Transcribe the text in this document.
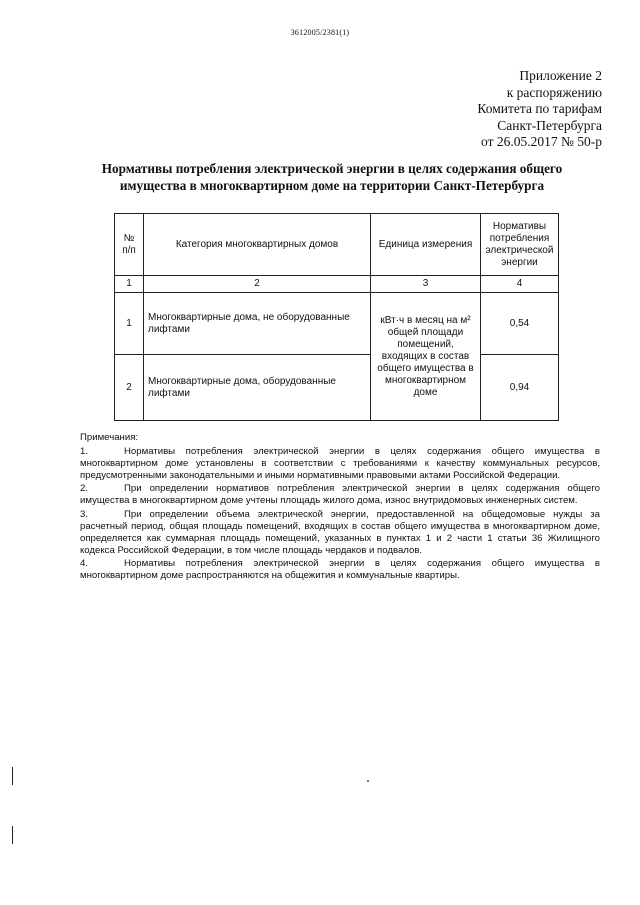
3612005/2381(1)
Приложение 2
к распоряжению
Комитета по тарифам
Санкт-Петербурга
от 26.05.2017 № 50-р
Нормативы потребления электрической энергии в целях содержания общего имущества в многоквартирном доме на территории Санкт-Петербурга
№ п/п	Категория многоквартирных домов	Единица измерения	Нормативы потребления электрической энергии
1	2	3	4
1	Многоквартирные дома, не оборудованные лифтами	кВт·ч в месяц на м² общей площади помещений, входящих в состав общего имущества в многоквартирном доме	0,54
2	Многоквартирные дома, оборудованные лифтами		0,94
Примечания:

1.	Нормативы потребления электрической энергии в целях содержания общего имущества в многоквартирном доме установлены в соответствии с требованиями к качеству коммунальных ресурсов, предусмотренными законодательными и иными нормативными правовыми актами Российской Федерации.

2.	При определении нормативов потребления электрической энергии в целях содержания общего имущества в многоквартирном доме учтены площадь жилого дома, износ внутридомовых инженерных систем.

3.	При определении объема электрической энергии, предоставленной на общедомовые нужды за расчетный период, общая площадь помещений, входящих в состав общего имущества в многоквартирном доме, определяется как суммарная площадь помещений, указанных в пунктах 1 и 2 части 1 статьи 36 Жилищного кодекса Российской Федерации, в том числе площадь чердаков и подвалов.

4.	Нормативы потребления электрической энергии в целях содержания общего имущества в многоквартирном доме распространяются на общежития и коммунальные квартиры.
